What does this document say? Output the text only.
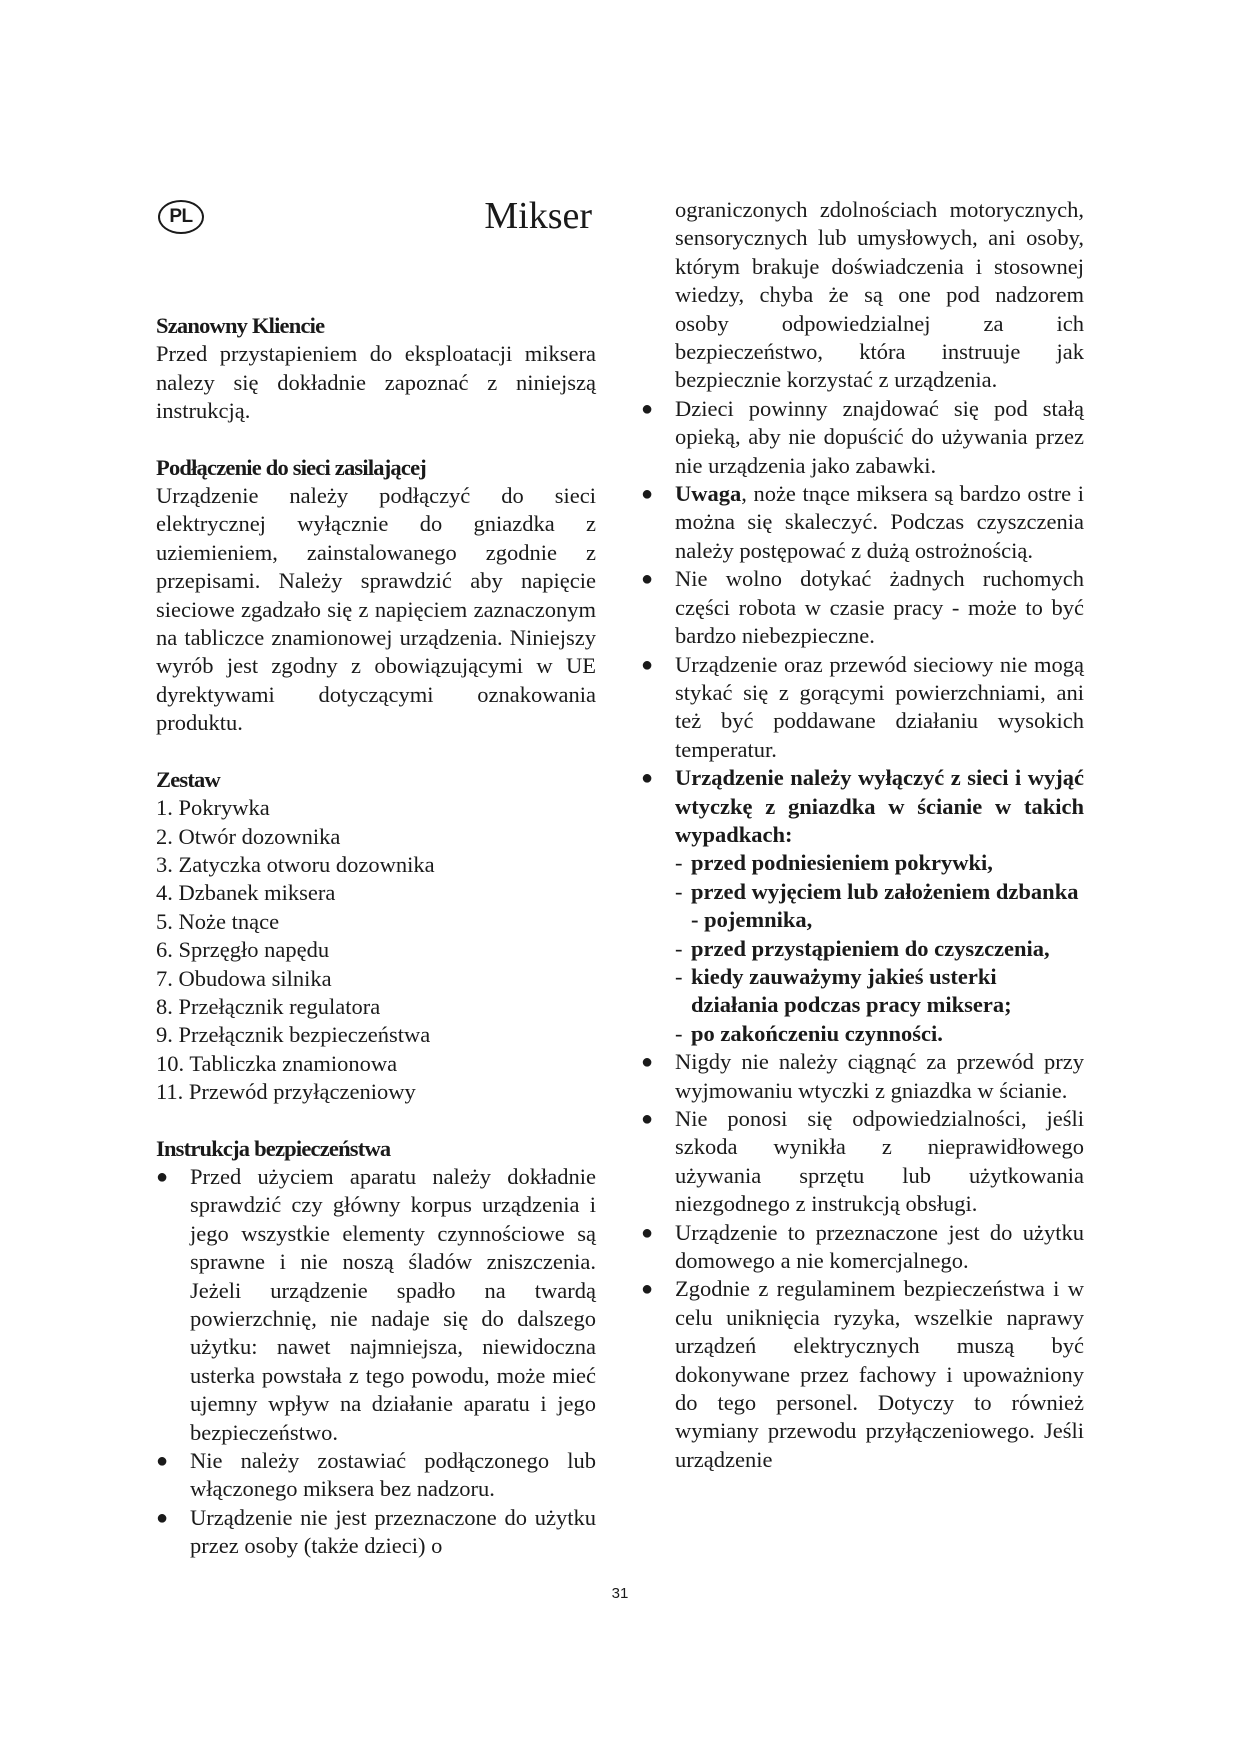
PL	Mikser
Szanowny Kliencie

Przed przystapieniem do eksploatacji miksera nalezy się dokładnie zapoznać z niniejszą instrukcją.

Podłączenie do sieci zasilającej

Urządzenie należy podłączyć do sieci elektrycznej wyłącznie do gniazdka z uziemieniem, zainstalowanego zgodnie z przepisami. Należy sprawdzić aby napięcie sieciowe zgadzało się z napięciem zaznaczonym na tabliczce znamionowej urządzenia. Niniejszy wyrób jest zgodny z obowiązującymi w UE dyrektywami dotyczącymi oznakowania produktu.

Zestaw
1. Pokrywka
2. Otwór dozownika
3. Zatyczka otworu dozownika
4. Dzbanek miksera
5. Noże tnące
6. Sprzęgło napędu
7. Obudowa silnika
8. Przełącznik regulatora
9. Przełącznik bezpieczeństwa
10. Tabliczka znamionowa
11. Przewód przyłączeniowy
Instrukcja bezpieczeństwa
● Przed użyciem aparatu należy dokładnie sprawdzić czy główny korpus urządzenia i jego wszystkie elementy czynnościowe są sprawne i nie noszą śladów zniszczenia. Jeżeli urządzenie spadło na twardą powierzchnię, nie nadaje się do dalszego użytku: nawet najmniejsza, niewidoczna usterka powstała z tego powodu, może mieć ujemny wpływ na działanie aparatu i jego bezpieczeństwo.
● Nie należy zostawiać podłączonego lub włączonego miksera bez nadzoru.
● Urządzenie nie jest przeznaczone do użytku przez osoby (także dzieci) o

ograniczonych zdolnościach motorycznych, sensorycznych lub umysłowych, ani osoby, którym brakuje doświadczenia i stosownej wiedzy, chyba że są one pod nadzorem osoby odpowiedzialnej za ich bezpieczeństwo, która instruuje jak bezpiecznie korzystać z urządzenia.

● Dzieci powinny znajdować się pod stałą opieką, aby nie dopuścić do używania przez nie urządzenia jako zabawki.
● Uwaga, noże tnące miksera są bardzo ostre i można się skaleczyć. Podczas czyszczenia należy postępować z dużą ostrożnością.
● Nie wolno dotykać żadnych ruchomych części robota w czasie pracy - może to być bardzo niebezpieczne.
● Urządzenie oraz przewód sieciowy nie mogą stykać się z gorącymi powierzchniami, ani też być poddawane działaniu wysokich temperatur.
● Urządzenie należy wyłączyć z sieci i wyjąć wtyczkę z gniazdka w ścianie w takich wypadkach:
- przed podniesieniem pokrywki,
- przed wyjęciem lub założeniem dzbanka - pojemnika,
- przed przystąpieniem do czyszczenia,
- kiedy zauważymy jakieś usterki działania podczas pracy miksera;
- po zakończeniu czynności.
● Nigdy nie należy ciągnąć za przewód przy wyjmowaniu wtyczki z gniazdka w ścianie.
● Nie ponosi się odpowiedzialności, jeśli szkoda wynikła z nieprawidłowego używania sprzętu lub użytkowania niezgodnego z instrukcją obsługi.
● Urządzenie to przeznaczone jest do użytku domowego a nie komercjalnego.
● Zgodnie z regulaminem bezpieczeństwa i w celu uniknięcia ryzyka, wszelkie naprawy urządzeń elektrycznych muszą być dokonywane przez fachowy i upoważniony do tego personel. Dotyczy to również wymiany przewodu przyłączeniowego. Jeśli urządzenie
31
